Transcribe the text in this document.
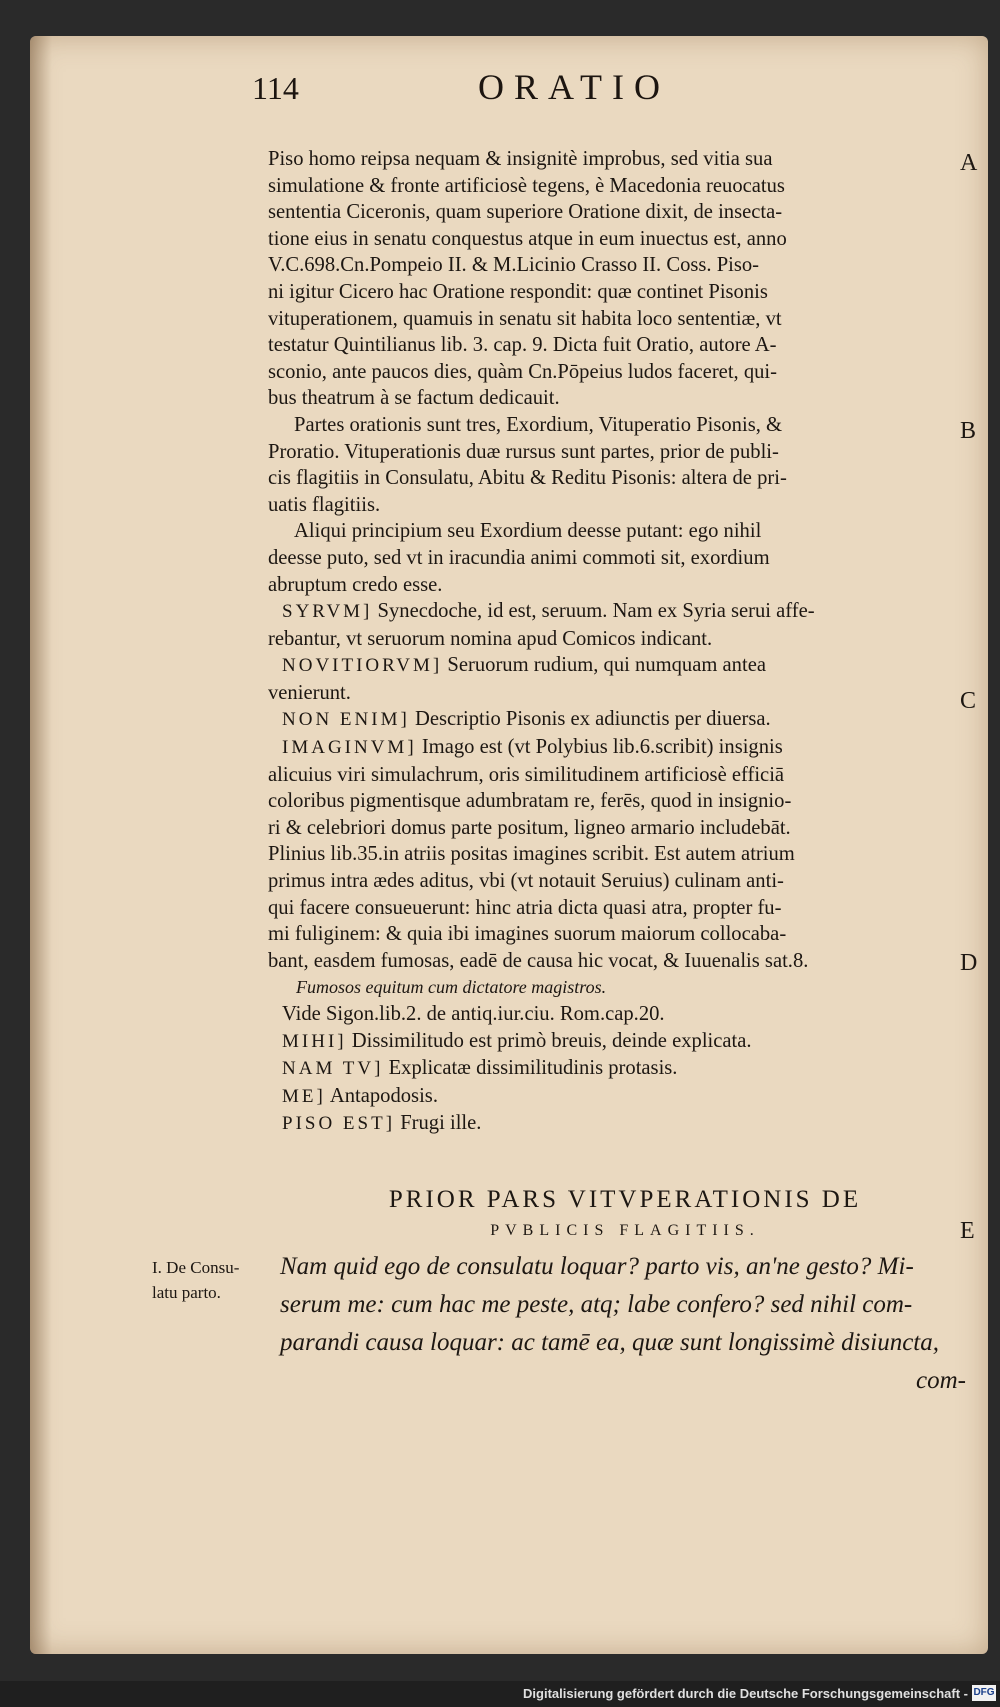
114	ORATIO

Piso homo reipsa nequam & insignitè improbus, sed vitia sua
simulatione & fronte artificiosè tegens, è Macedonia reuocatus
sententia Ciceronis, quam superiore Oratione dixit, de insecta-
tione eius in senatu conquestus atque in eum inuectus est, anno
V.C.698.Cn.Pompeio II. & M.Licinio Crasso II. Coss. Piso-
ni igitur Cicero hac Oratione respondit: quæ continet Pisonis
vituperationem, quamuis in senatu sit habita loco sententiæ, vt
testatur Quintilianus lib. 3. cap. 9. Dicta fuit Oratio, autore A-
sconio, ante paucos dies, quàm Cn.Pōpeius ludos faceret, qui-
bus theatrum à se factum dedicauit.

Partes orationis sunt tres, Exordium, Vituperatio Pisonis, &
Proratio. Vituperationis duæ rursus sunt partes, prior de publi-
cis flagitiis in Consulatu, Abitu & Reditu Pisonis: altera de pri-
uatis flagitiis.

Aliqui principium seu Exordium deesse putant: ego nihil
deesse puto, sed vt in iracundia animi commoti sit, exordium
abruptum credo esse.

SYRVM] Synecdoche, id est, seruum. Nam ex Syria serui affe-
rebantur, vt seruorum nomina apud Comicos indicant.

NOVITIORVM] Seruorum rudium, qui numquam antea
venierunt.

NON ENIM] Descriptio Pisonis ex adiunctis per diuersa.

IMAGINVM] Imago est (vt Polybius lib.6.scribit) insignis
alicuius viri simulachrum, oris similitudinem artificiosè efficiā
coloribus pigmentisque adumbratam re, ferēs, quod in insignio-
ri & celebriori domus parte positum, ligneo armario includebāt.
Plinius lib.35.in atriis positas imagines scribit. Est autem atrium
primus intra ædes aditus, vbi (vt notauit Seruius) culinam anti-
qui facere consueuerunt: hinc atria dicta quasi atra, propter fu-
mi fuliginem: & quia ibi imagines suorum maiorum collocaba-
bant, easdem fumosas, eadē de causa hic vocat, & Iuuenalis sat.8.

Fumosos equitum cum dictatore magistros.

Vide Sigon.lib.2. de antiq.iur.ciu. Rom.cap.20.

MIHI] Dissimilitudo est primò breuis, deinde explicata.

NAM TV] Explicatæ dissimilitudinis protasis.

ME] Antapodosis.

PISO EST] Frugi ille.

PRIOR PARS VITVPERATIONIS DE
PVBLICIS FLAGITIIS.
I. De Consu-
latu parto.

Nam quid ego de consulatu loquar? parto vis, an'ne gesto? Mi-

serum me: cum hac me peste, atq; labe confero? sed nihil com-

parandi causa loquar: ac tamē ea, quæ sunt longissimè disiuncta,

com-

A
B
C
D
E
Digitalisierung gefördert durch die Deutsche Forschungsgemeinschaft - DFG
